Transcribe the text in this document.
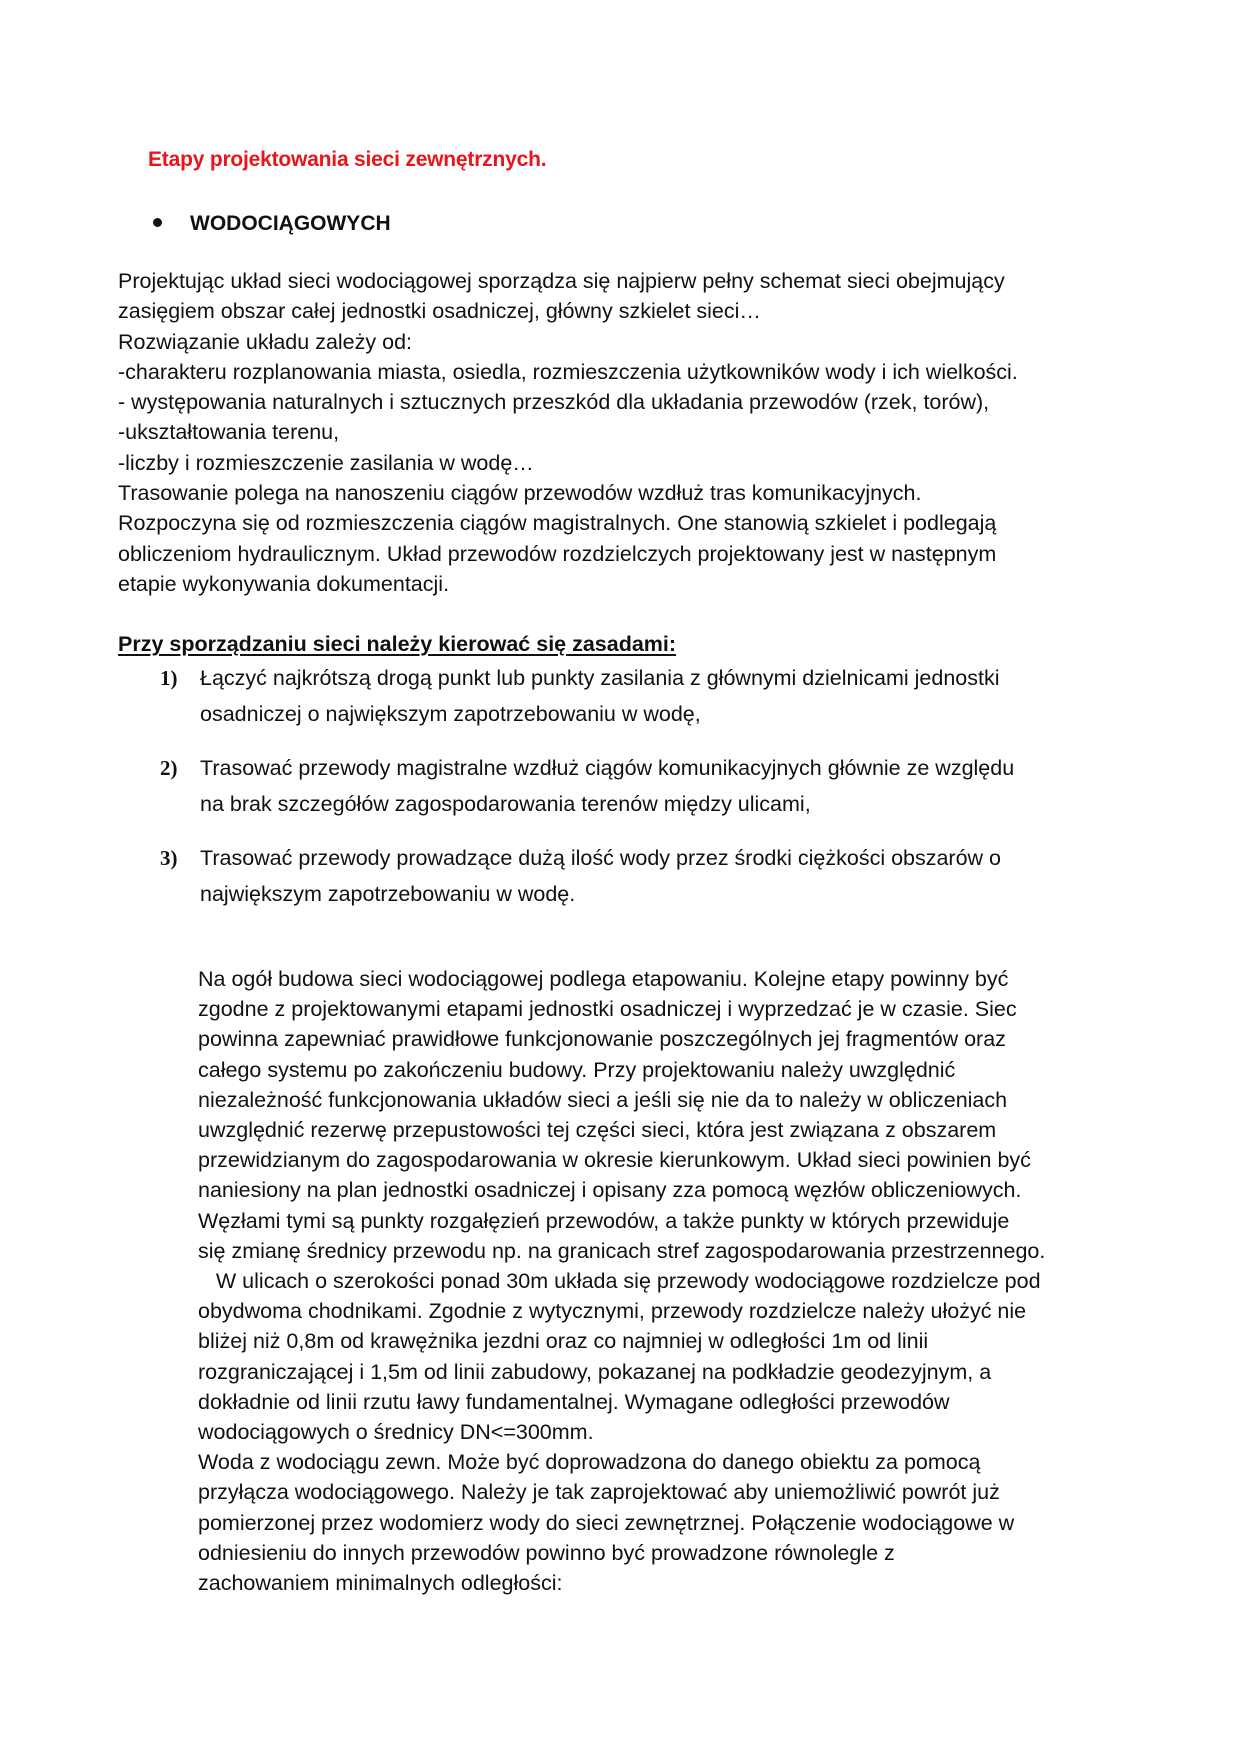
Etapy projektowania sieci zewnętrznych.
WODOCIĄGOWYCH
Projektując układ sieci wodociągowej sporządza się najpierw pełny schemat sieci obejmujący
zasięgiem obszar całej jednostki osadniczej, główny szkielet sieci…
Rozwiązanie układu zależy od:
-charakteru rozplanowania miasta, osiedla, rozmieszczenia użytkowników wody i ich wielkości.
- występowania naturalnych i sztucznych przeszkód dla układania przewodów (rzek, torów),
-ukształtowania terenu,
-liczby i rozmieszczenie zasilania w wodę…
Trasowanie polega na nanoszeniu ciągów przewodów wzdłuż tras komunikacyjnych.
Rozpoczyna się od rozmieszczenia ciągów magistralnych. One stanowią szkielet i podlegają
obliczeniom hydraulicznym. Układ przewodów rozdzielczych projektowany jest w następnym
etapie wykonywania dokumentacji.
Przy sporządzaniu sieci należy kierować się zasadami:
1)	Łączyć najkrótszą drogą punkt lub punkty zasilania z głównymi dzielnicami jednostki
osadniczej o największym zapotrzebowaniu w wodę,
2)	Trasować przewody magistralne wzdłuż ciągów komunikacyjnych głównie ze względu
na brak szczegółów zagospodarowania terenów między ulicami,
3)	Trasować przewody prowadzące dużą ilość wody przez środki ciężkości obszarów o
największym zapotrzebowaniu w wodę.
Na ogół budowa sieci wodociągowej podlega etapowaniu. Kolejne etapy powinny być
zgodne z projektowanymi etapami jednostki osadniczej i wyprzedzać je w czasie. Siec
powinna zapewniać prawidłowe funkcjonowanie poszczególnych jej fragmentów oraz
całego systemu po zakończeniu budowy. Przy projektowaniu należy uwzględnić
niezależność funkcjonowania układów sieci a jeśli się nie da to należy w obliczeniach
uwzględnić rezerwę przepustowości tej części sieci, która jest związana z obszarem
przewidzianym do zagospodarowania w okresie kierunkowym. Układ sieci powinien być
naniesiony na plan jednostki osadniczej i opisany zza pomocą węzłów obliczeniowych.
Węzłami tymi są punkty rozgałęzień przewodów, a także punkty w których przewiduje
się zmianę średnicy przewodu np. na granicach stref zagospodarowania przestrzennego.
W ulicach o szerokości ponad 30m układa się przewody wodociągowe rozdzielcze pod
obydwoma chodnikami. Zgodnie z wytycznymi, przewody rozdzielcze należy ułożyć nie
bliżej niż 0,8m od krawężnika jezdni oraz co najmniej w odległości 1m od linii
rozgraniczającej i 1,5m od linii zabudowy, pokazanej na podkładzie geodezyjnym, a
dokładnie od linii rzutu ławy fundamentalnej. Wymagane odległości przewodów
wodociągowych o średnicy DN<=300mm.
Woda z wodociągu zewn. Może być doprowadzona do danego obiektu za pomocą
przyłącza wodociągowego. Należy je tak zaprojektować aby uniemożliwić powrót już
pomierzonej przez wodomierz wody do sieci zewnętrznej. Połączenie wodociągowe w
odniesieniu do innych przewodów powinno być prowadzone równolegle z
zachowaniem minimalnych odległości:
